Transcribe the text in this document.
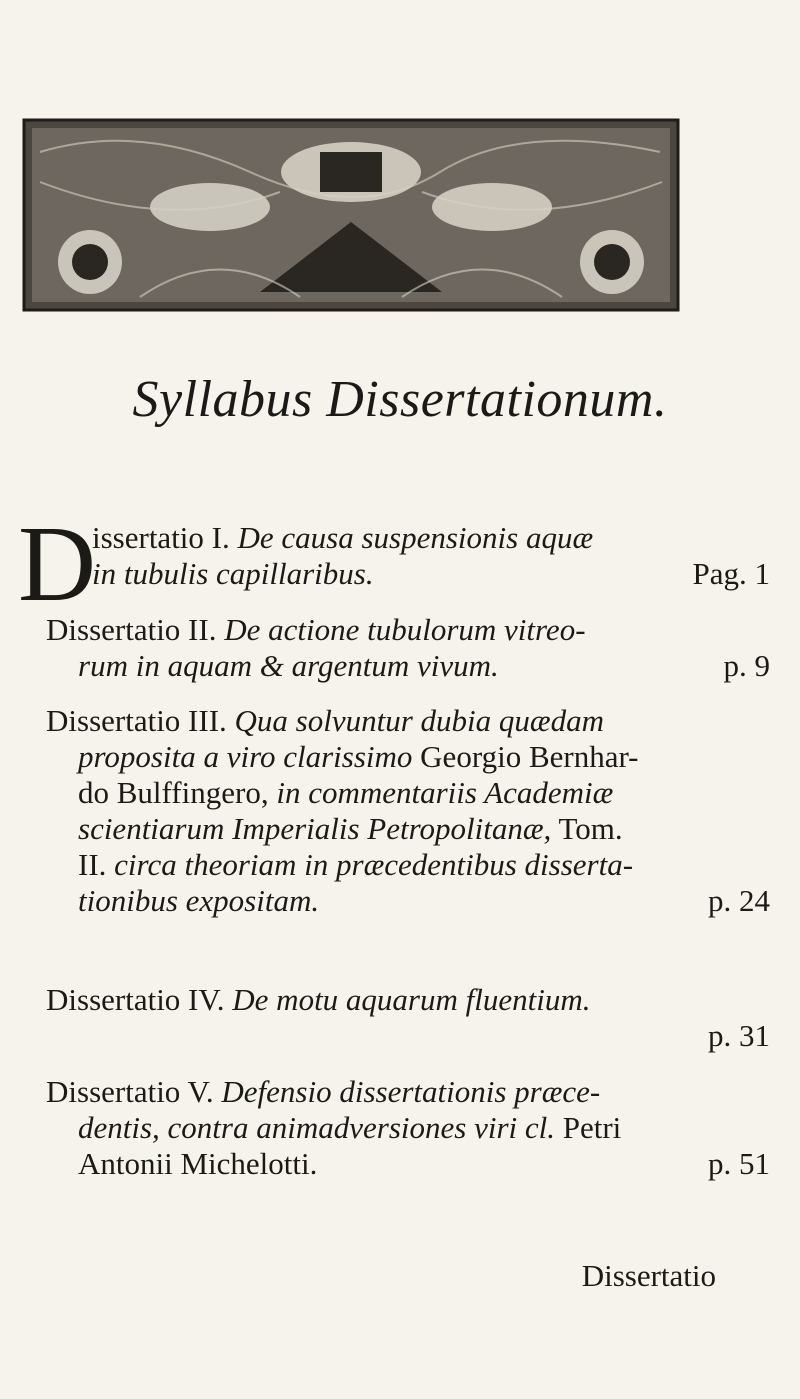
Syllabus Dissertationum.
D
issertatio I. De causa suspensionis aquæ
in tubulis capillaribus.	Pag. 1
Dissertatio II. De actione tubulorum vitreo-
rum in aquam & argentum vivum.	p. 9
Dissertatio III. Qua solvuntur dubia quædam
proposita a viro clarissimo Georgio Bernhar-
do Bulffingero, in commentariis Academiæ
scientiarum Imperialis Petropolitanæ, Tom.
II. circa theoriam in præcedentibus disserta-
tionibus expositam.	p. 24
Dissertatio IV. De motu aquarum fluentium.

p. 31
Dissertatio V. Defensio dissertationis præce-
dentis, contra animadversiones viri cl. Petri
Antonii Michelotti.	p. 51
Dissertatio
